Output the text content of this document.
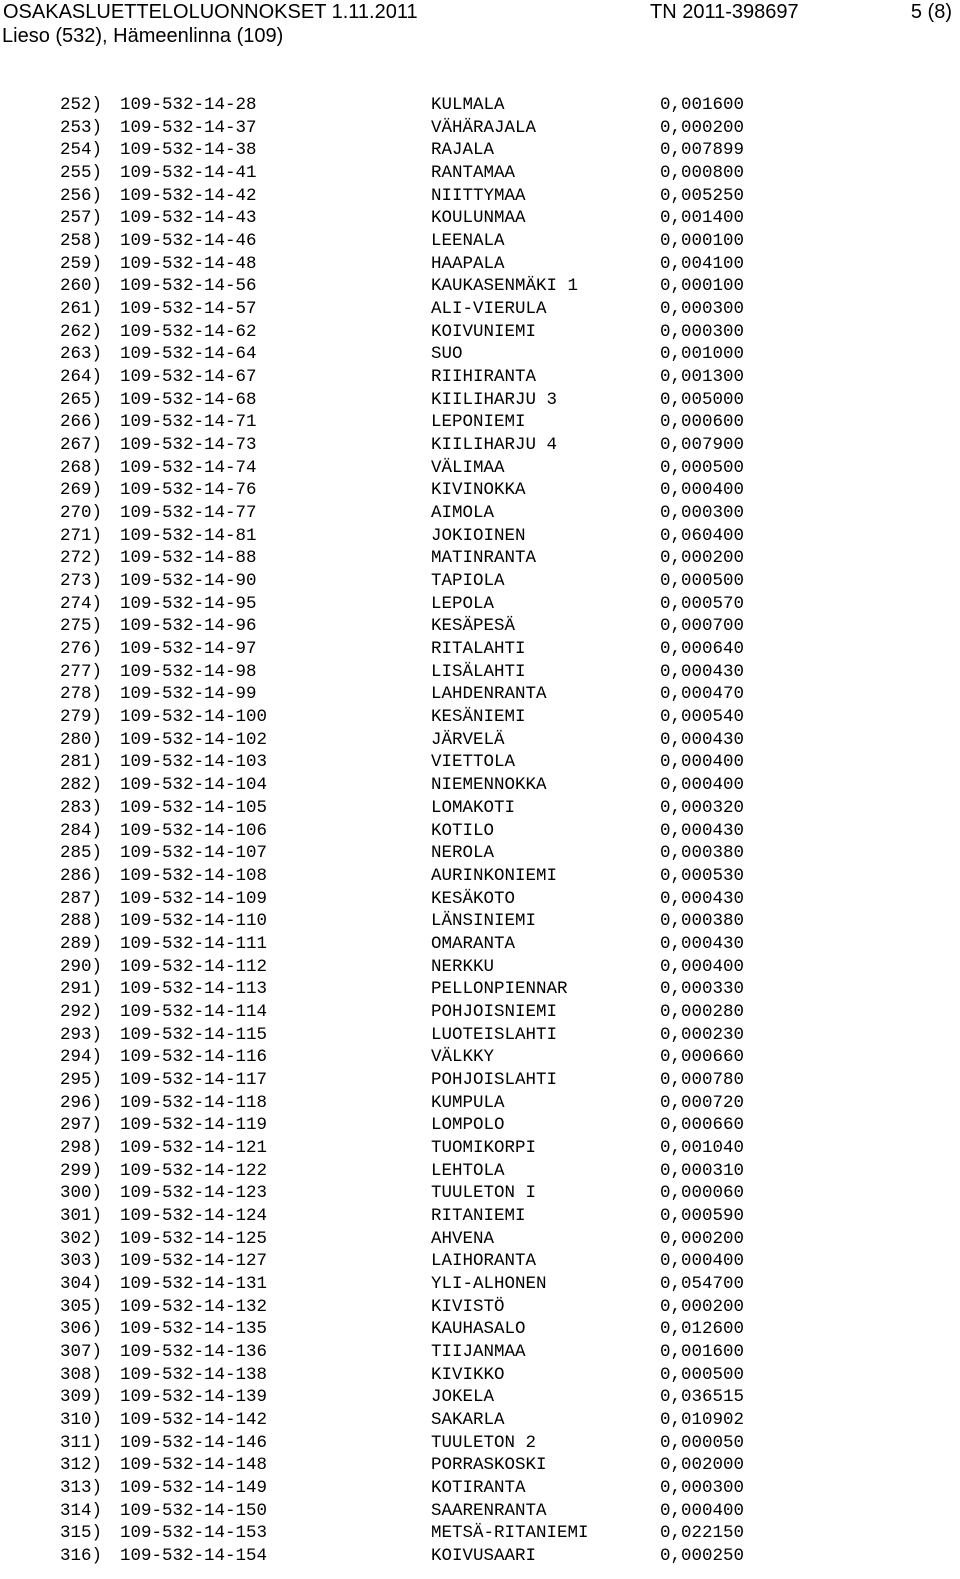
OSAKASLUETTELOLUONNOKSET 1.11.2011	TN 2011-398697	5 (8)
Lieso (532), Hämeenlinna (109)
252) 109-532-14-28	KULMALA	0,001600
253) 109-532-14-37	VÄHÄRAJALA	0,000200
254) 109-532-14-38	RAJALA	0,007899
255) 109-532-14-41	RANTAMAA	0,000800
256) 109-532-14-42	NIITTYMAA	0,005250
257) 109-532-14-43	KOULUNMAA	0,001400
258) 109-532-14-46	LEENALA	0,000100
259) 109-532-14-48	HAAPALA	0,004100
260) 109-532-14-56	KAUKASENMÄKI 1	0,000100
261) 109-532-14-57	ALI-VIERULA	0,000300
262) 109-532-14-62	KOIVUNIEMI	0,000300
263) 109-532-14-64	SUO	0,001000
264) 109-532-14-67	RIIHIRANTA	0,001300
265) 109-532-14-68	KIILIHARJU 3	0,005000
266) 109-532-14-71	LEPONIEMI	0,000600
267) 109-532-14-73	KIILIHARJU 4	0,007900
268) 109-532-14-74	VÄLIMAA	0,000500
269) 109-532-14-76	KIVINOKKA	0,000400
270) 109-532-14-77	AIMOLA	0,000300
271) 109-532-14-81	JOKIOINEN	0,060400
272) 109-532-14-88	MATINRANTA	0,000200
273) 109-532-14-90	TAPIOLA	0,000500
274) 109-532-14-95	LEPOLA	0,000570
275) 109-532-14-96	KESÄPESÄ	0,000700
276) 109-532-14-97	RITALAHTI	0,000640
277) 109-532-14-98	LISÄLAHTI	0,000430
278) 109-532-14-99	LAHDENRANTA	0,000470
279) 109-532-14-100	KESÄNIEMI	0,000540
280) 109-532-14-102	JÄRVELÄ	0,000430
281) 109-532-14-103	VIETTOLA	0,000400
282) 109-532-14-104	NIEMENNOKKA	0,000400
283) 109-532-14-105	LOMAKOTI	0,000320
284) 109-532-14-106	KOTILO	0,000430
285) 109-532-14-107	NEROLA	0,000380
286) 109-532-14-108	AURINKONIEMI	0,000530
287) 109-532-14-109	KESÄKOTO	0,000430
288) 109-532-14-110	LÄNSINIEMI	0,000380
289) 109-532-14-111	OMARANTA	0,000430
290) 109-532-14-112	NERKKU	0,000400
291) 109-532-14-113	PELLONPIENNAR	0,000330
292) 109-532-14-114	POHJOISNIEMI	0,000280
293) 109-532-14-115	LUOTEISLAHTI	0,000230
294) 109-532-14-116	VÄLKKY	0,000660
295) 109-532-14-117	POHJOISLAHTI	0,000780
296) 109-532-14-118	KUMPULA	0,000720
297) 109-532-14-119	LOMPOLO	0,000660
298) 109-532-14-121	TUOMIKORPI	0,001040
299) 109-532-14-122	LEHTOLA	0,000310
300) 109-532-14-123	TUULETON I	0,000060
301) 109-532-14-124	RITANIEMI	0,000590
302) 109-532-14-125	AHVENA	0,000200
303) 109-532-14-127	LAIHORANTA	0,000400
304) 109-532-14-131	YLI-ALHONEN	0,054700
305) 109-532-14-132	KIVISTÖ	0,000200
306) 109-532-14-135	KAUHASALO	0,012600
307) 109-532-14-136	TIIJANMAA	0,001600
308) 109-532-14-138	KIVIKKO	0,000500
309) 109-532-14-139	JOKELA	0,036515
310) 109-532-14-142	SAKARLA	0,010902
311) 109-532-14-146	TUULETON 2	0,000050
312) 109-532-14-148	PORRASKOSKI	0,002000
313) 109-532-14-149	KOTIRANTA	0,000300
314) 109-532-14-150	SAARENRANTA	0,000400
315) 109-532-14-153	METSÄ-RITANIEMI	0,022150
316) 109-532-14-154	KOIVUSAARI	0,000250
